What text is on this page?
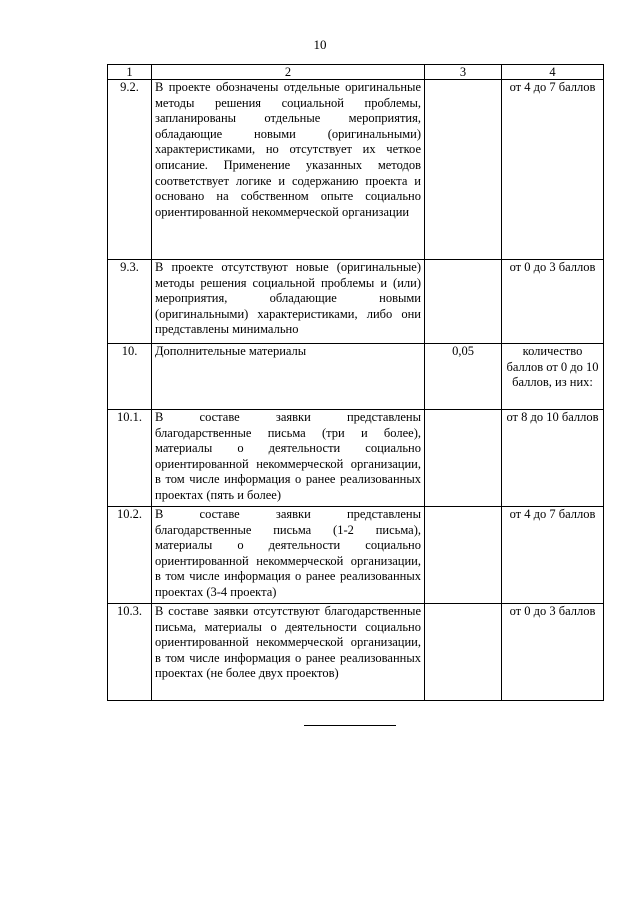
10
1	2	3	4
9.2.	В проекте обозначены отдельные оригинальные методы решения социальной проблемы, запланированы отдельные мероприятия, обладающие новыми (оригинальными) характеристиками, но отсутствует их четкое описание. Применение указанных методов соответствует логике и содержанию проекта и основано на собственном опыте социально ориентированной некоммерческой организации		от 4 до 7 баллов
9.3.	В проекте отсутствуют новые (оригинальные) методы решения социальной проблемы и (или) мероприятия, обладающие новыми (оригинальными) характеристиками, либо они представлены минимально		от 0 до 3 баллов
10.	Дополнительные материалы	0,05	количество баллов от 0 до 10 баллов, из них:
10.1.	В составе заявки представлены благодарственные письма (три и более), материалы о деятельности социально ориентированной некоммерческой организации, в том числе информация о ранее реализованных проектах (пять и более)		от 8 до 10 баллов
10.2.	В составе заявки представлены благодарственные письма (1-2 письма), материалы о деятельности социально ориентированной некоммерческой организации, в том числе информация о ранее реализованных проектах (3-4 проекта)		от 4 до 7 баллов
10.3.	В составе заявки отсутствуют благодарственные письма, материалы о деятельности социально ориентированной некоммерческой организации, в том числе информация о ранее реализованных проектах (не более двух проектов)		от 0 до 3 баллов
